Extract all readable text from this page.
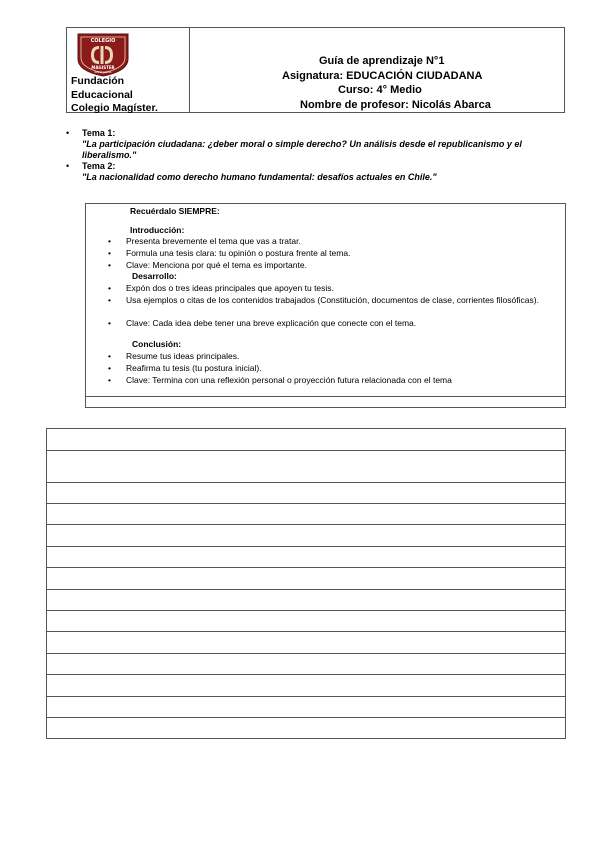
COLEGIO
MAGISTER
RANCAGUA
Fundación
Educacional
Colegio Magíster.
Guía de aprendizaje N°1
Asignatura: EDUCACIÓN CIUDADANA
Curso: 4° Medio
Nombre de profesor: Nicolás Abarca
• Tema 1:
"La participación ciudadana: ¿deber moral o simple derecho? Un análisis desde el republicanismo y el liberalismo."
• Tema 2:
"La nacionalidad como derecho humano fundamental: desafíos actuales en Chile."
Recuérdalo SIEMPRE:
Introducción:
• Presenta brevemente el tema que vas a tratar.
• Formula una tesis clara: tu opinión o postura frente al tema.
• Clave: Menciona por qué el tema es importante.
Desarrollo:
• Expón dos o tres ideas principales que apoyen tu tesis.
• Usa ejemplos o citas de los contenidos trabajados (Constitución, documentos de clase, corrientes filosóficas).
• Clave: Cada idea debe tener una breve explicación que conecte con el tema.
Conclusión:
• Resume tus ideas principales.
• Reafirma tu tesis (tu postura inicial).
• Clave: Termina con una reflexión personal o proyección futura relacionada con el tema
